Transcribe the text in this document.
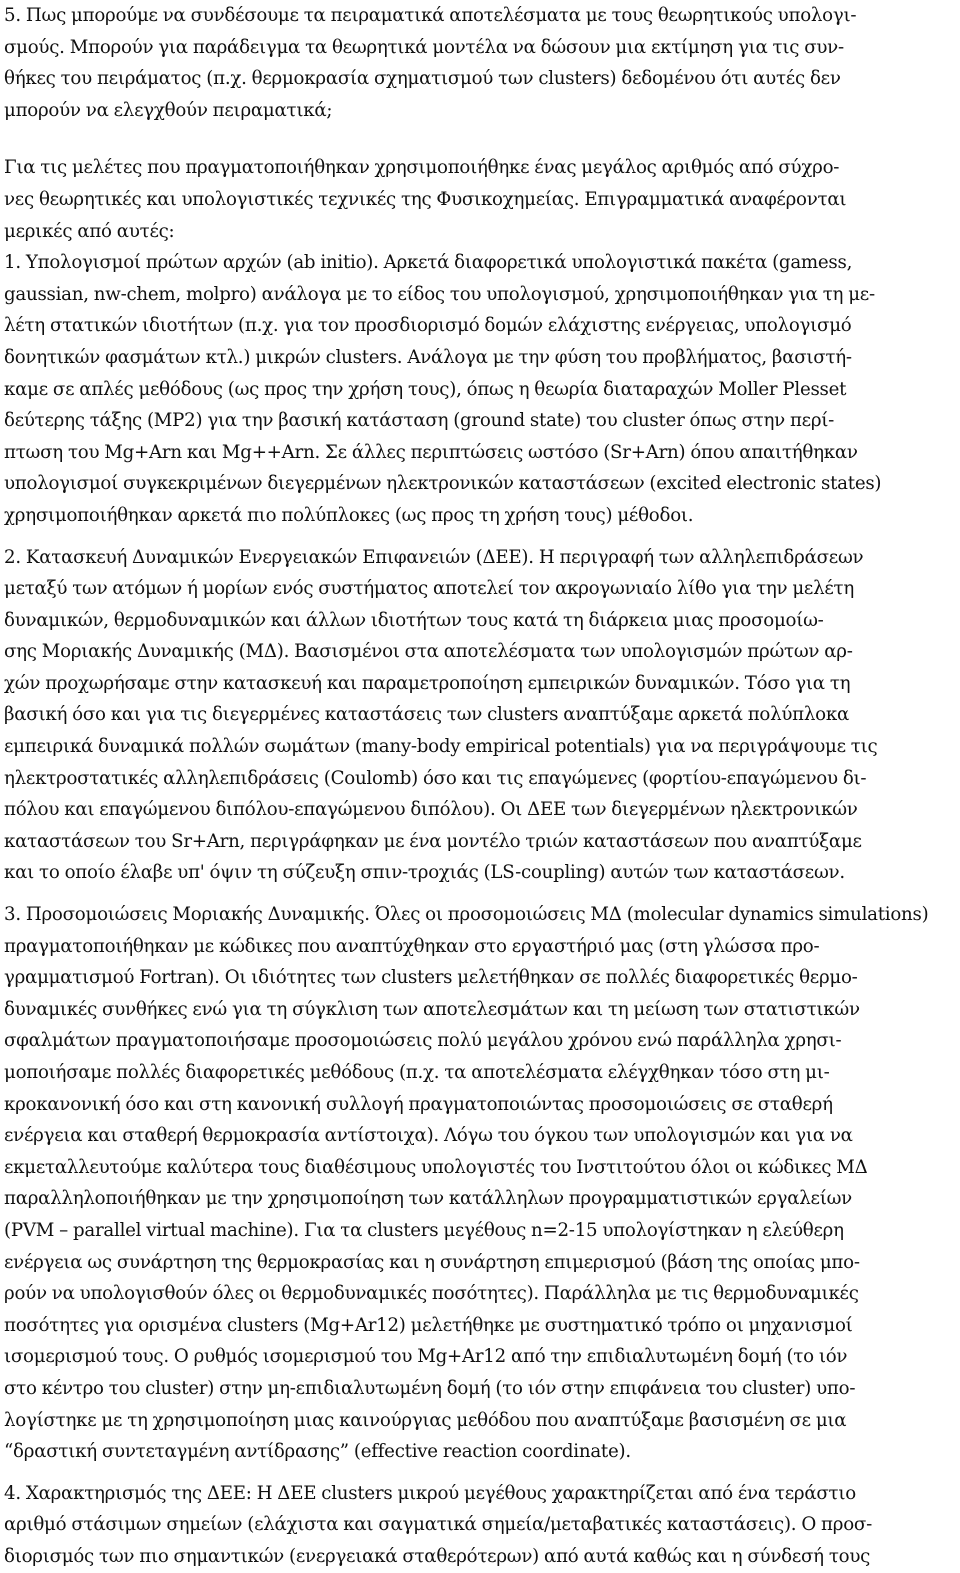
5. Πως μπορούμε να συνδέσουμε τα πειραματικά αποτελέσματα με τους θεωρητικούς υπολογι-
σμούς. Μπορούν για παράδειγμα τα θεωρητικά μοντέλα να δώσουν μια εκτίμηση για τις συν-
θήκες του πειράματος (π.χ. θερμοκρασία σχηματισμού των clusters) δεδομένου ότι αυτές δεν
μπορούν να ελεγχθούν πειραματικά;
Για τις μελέτες που πραγματοποιήθηκαν χρησιμοποιήθηκε ένας μεγάλος αριθμός από σύχρο-
νες θεωρητικές και υπολογιστικές τεχνικές της Φυσικοχημείας. Επιγραμματικά αναφέρονται
μερικές από αυτές:
1. Υπολογισμοί πρώτων αρχών (ab initio). Αρκετά διαφορετικά υπολογιστικά πακέτα (gamess,
gaussian, nw-chem, molpro) ανάλογα με το είδος του υπολογισμού, χρησιμοποιήθηκαν για τη με-
λέτη στατικών ιδιοτήτων (π.χ. για τον προσδιορισμό δομών ελάχιστης ενέργειας, υπολογισμό
δονητικών φασμάτων κτλ.) μικρών clusters. Ανάλογα με την φύση του προβλήματος, βασιστή-
καμε σε απλές μεθόδους (ως προς την χρήση τους), όπως η θεωρία διαταραχών Moller Plesset
δεύτερης τάξης (MP2) για την βασική κατάσταση (ground state) του cluster όπως στην περί-
πτωση του Mg+Arn και Mg++Arn. Σε άλλες περιπτώσεις ωστόσο (Sr+Arn) όπου απαιτήθηκαν
υπολογισμοί συγκεκριμένων διεγερμένων ηλεκτρονικών καταστάσεων (excited electronic states)
χρησιμοποιήθηκαν αρκετά πιο πολύπλοκες (ως προς τη χρήση τους) μέθοδοι.
2. Κατασκευή Δυναμικών Ενεργειακών Επιφανειών (ΔΕΕ). Η περιγραφή των αλληλεπιδράσεων
μεταξύ των ατόμων ή μορίων ενός συστήματος αποτελεί τον ακρογωνιαίο λίθο για την μελέτη
δυναμικών, θερμοδυναμικών και άλλων ιδιοτήτων τους κατά τη διάρκεια μιας προσομοίω-
σης Μοριακής Δυναμικής (ΜΔ). Βασισμένοι στα αποτελέσματα των υπολογισμών πρώτων αρ-
χών προχωρήσαμε στην κατασκευή και παραμετροποίηση εμπειρικών δυναμικών. Τόσο για τη
βασική όσο και για τις διεγερμένες καταστάσεις των clusters αναπτύξαμε αρκετά πολύπλοκα
εμπειρικά δυναμικά πολλών σωμάτων (many-body empirical potentials) για να περιγράψουμε τις
ηλεκτροστατικές αλληλεπιδράσεις (Coulomb) όσο και τις επαγώμενες (φορτίου-επαγώμενου δι-
πόλου και επαγώμενου διπόλου-επαγώμενου διπόλου). Οι ΔΕΕ των διεγερμένων ηλεκτρονικών
καταστάσεων του Sr+Arn, περιγράφηκαν με ένα μοντέλο τριών καταστάσεων που αναπτύξαμε
και το οποίο έλαβε υπ' όψιν τη σύζευξη σπιν-τροχιάς (LS-coupling) αυτών των καταστάσεων.
3. Προσομοιώσεις Μοριακής Δυναμικής. Όλες οι προσομοιώσεις ΜΔ (molecular dynamics simulations)
πραγματοποιήθηκαν με κώδικες που αναπτύχθηκαν στο εργαστήριό μας (στη γλώσσα προ-
γραμματισμού Fortran). Οι ιδιότητες των clusters μελετήθηκαν σε πολλές διαφορετικές θερμο-
δυναμικές συνθήκες ενώ για τη σύγκλιση των αποτελεσμάτων και τη μείωση των στατιστικών
σφαλμάτων πραγματοποιήσαμε προσομοιώσεις πολύ μεγάλου χρόνου ενώ παράλληλα χρησι-
μοποιήσαμε πολλές διαφορετικές μεθόδους (π.χ. τα αποτελέσματα ελέγχθηκαν τόσο στη μι-
κροκανονική όσο και στη κανονική συλλογή πραγματοποιώντας προσομοιώσεις σε σταθερή
ενέργεια και σταθερή θερμοκρασία αντίστοιχα). Λόγω του όγκου των υπολογισμών και για να
εκμεταλλευτούμε καλύτερα τους διαθέσιμους υπολογιστές του Ινστιτούτου όλοι οι κώδικες ΜΔ
παραλληλοποιήθηκαν με την χρησιμοποίηση των κατάλληλων προγραμματιστικών εργαλείων
(PVM – parallel virtual machine). Για τα clusters μεγέθους n=2-15 υπολογίστηκαν η ελεύθερη
ενέργεια ως συνάρτηση της θερμοκρασίας και η συνάρτηση επιμερισμού (βάση της οποίας μπο-
ρούν να υπολογισθούν όλες οι θερμοδυναμικές ποσότητες). Παράλληλα με τις θερμοδυναμικές
ποσότητες για ορισμένα clusters (Mg+Ar12) μελετήθηκε με συστηματικό τρόπο οι μηχανισμοί
ισομερισμού τους. Ο ρυθμός ισομερισμού του Mg+Ar12 από την επιδιαλυτωμένη δομή (το ιόν
στο κέντρο του cluster) στην μη-επιδιαλυτωμένη δομή (το ιόν στην επιφάνεια του cluster) υπο-
λογίστηκε με τη χρησιμοποίηση μιας καινούργιας μεθόδου που αναπτύξαμε βασισμένη σε μια
“δραστική συντεταγμένη αντίδρασης” (effective reaction coordinate).
4. Χαρακτηρισμός της ΔΕΕ: Η ΔΕΕ clusters μικρού μεγέθους χαρακτηρίζεται από ένα τεράστιο
αριθμό στάσιμων σημείων (ελάχιστα και σαγματικά σημεία/μεταβατικές καταστάσεις). Ο προσ-
διορισμός των πιο σημαντικών (ενεργειακά σταθερότερων) από αυτά καθώς και η σύνδεσή τους
